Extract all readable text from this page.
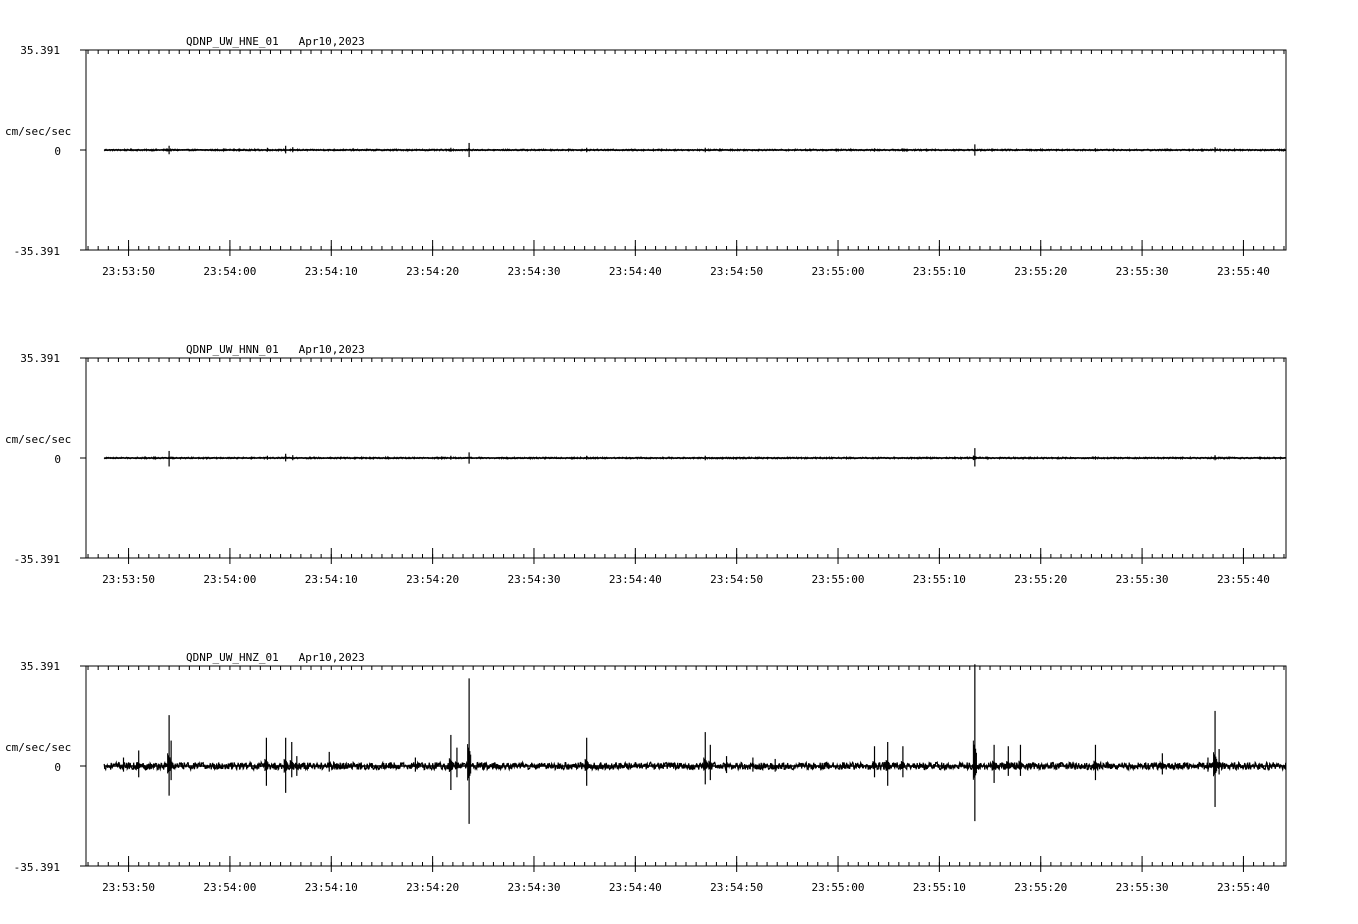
QDNP_UW_HNE_01   Apr10,2023
cm/sec/sec
35.391
0
-35.391
23:53:50	23:54:00	23:54:10	23:54:20	23:54:30	23:54:40	23:54:50	23:55:00	23:55:10	23:55:20	23:55:30	23:55:40
QDNP_UW_HNN_01   Apr10,2023
cm/sec/sec
35.391
0
-35.391
23:53:50	23:54:00	23:54:10	23:54:20	23:54:30	23:54:40	23:54:50	23:55:00	23:55:10	23:55:20	23:55:30	23:55:40
QDNP_UW_HNZ_01   Apr10,2023
cm/sec/sec
35.391
0
-35.391
23:53:50	23:54:00	23:54:10	23:54:20	23:54:30	23:54:40	23:54:50	23:55:00	23:55:10	23:55:20	23:55:30	23:55:40
